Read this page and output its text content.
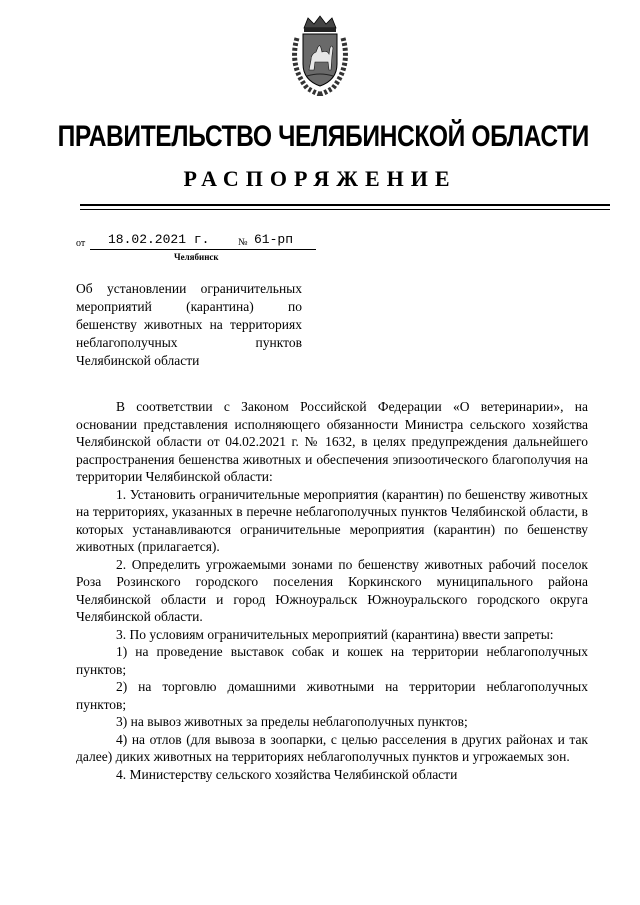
ПРАВИТЕЛЬСТВО ЧЕЛЯБИНСКОЙ ОБЛАСТИ
РАСПОРЯЖЕНИЕ
от 18.02.2021 г.	№ 61-рп
Челябинск
Об установлении ограничительных мероприятий (карантина) по бешенству животных на территориях неблагополучных пунктов Челябинской области

В соответствии с Законом Российской Федерации «О ветеринарии», на основании представления исполняющего обязанности Министра сельского хозяйства Челябинской области от 04.02.2021 г. № 1632, в целях предупреждения дальнейшего распространения бешенства животных и обеспечения эпизоотического благополучия на территории Челябинской области:

1. Установить ограничительные мероприятия (карантин) по бешенству животных на территориях, указанных в перечне неблагополучных пунктов Челябинской области, в которых устанавливаются ограничительные мероприятия (карантин) по бешенству животных (прилагается).

2. Определить угрожаемыми зонами по бешенству животных рабочий поселок Роза Розинского городского поселения Коркинского муниципального района Челябинской области и город Южноуральск Южноуральского городского округа Челябинской области.

3. По условиям ограничительных мероприятий (карантина) ввести запреты:

1) на проведение выставок собак и кошек на территории неблагополучных пунктов;

2) на торговлю домашними животными на территории неблагополучных пунктов;

3) на вывоз животных за пределы неблагополучных пунктов;

4) на отлов (для вывоза в зоопарки, с целью расселения в других районах и так далее) диких животных на территориях неблагополучных пунктов и угрожаемых зон.

4. Министерству сельского хозяйства Челябинской области
